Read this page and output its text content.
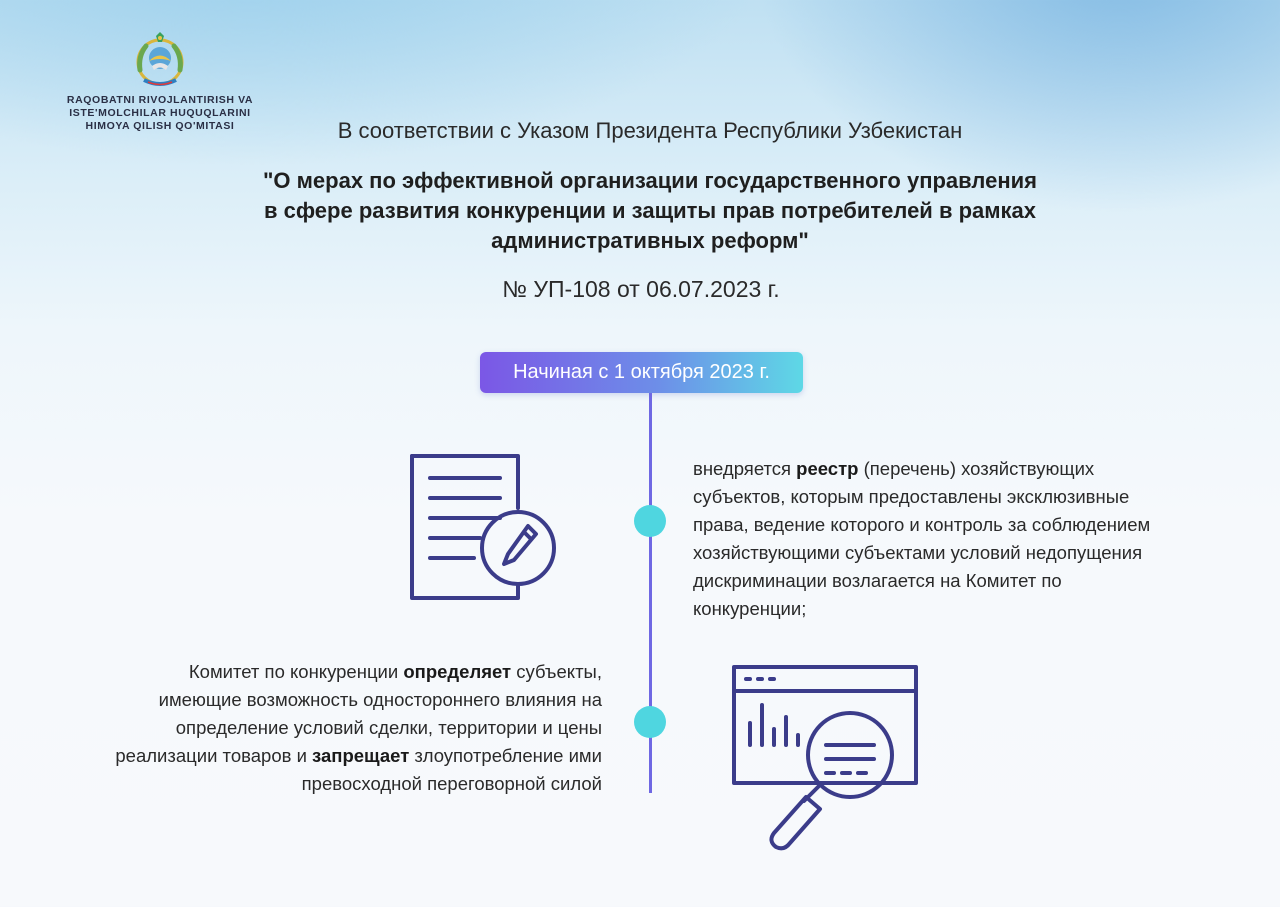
RAQOBATNI RIVOJLANTIRISH VA
ISTE'MOLCHILAR HUQUQLARINI
HIMOYA QILISH QO'MITASI	В соответствии с Указом Президента Республики Узбекистан
"О мерах по эффективной организации государственного управления
в сфере развития конкуренции и защиты прав потребителей в рамках
административных реформ"
№ УП-108 от 06.07.2023 г.
Начиная с 1 октября 2023 г.
внедряется реестр (перечень) хозяйствующих
субъектов, которым предоставлены эксклюзивные
права, ведение которого и контроль за соблюдением
хозяйствующими субъектами условий недопущения
дискриминации возлагается на Комитет по
конкуренции;
Комитет по конкуренции определяет субъекты,
имеющие возможность одностороннего влияния на
определение условий сделки, территории и цены
реализации товаров и запрещает злоупотребление ими
превосходной переговорной силой
